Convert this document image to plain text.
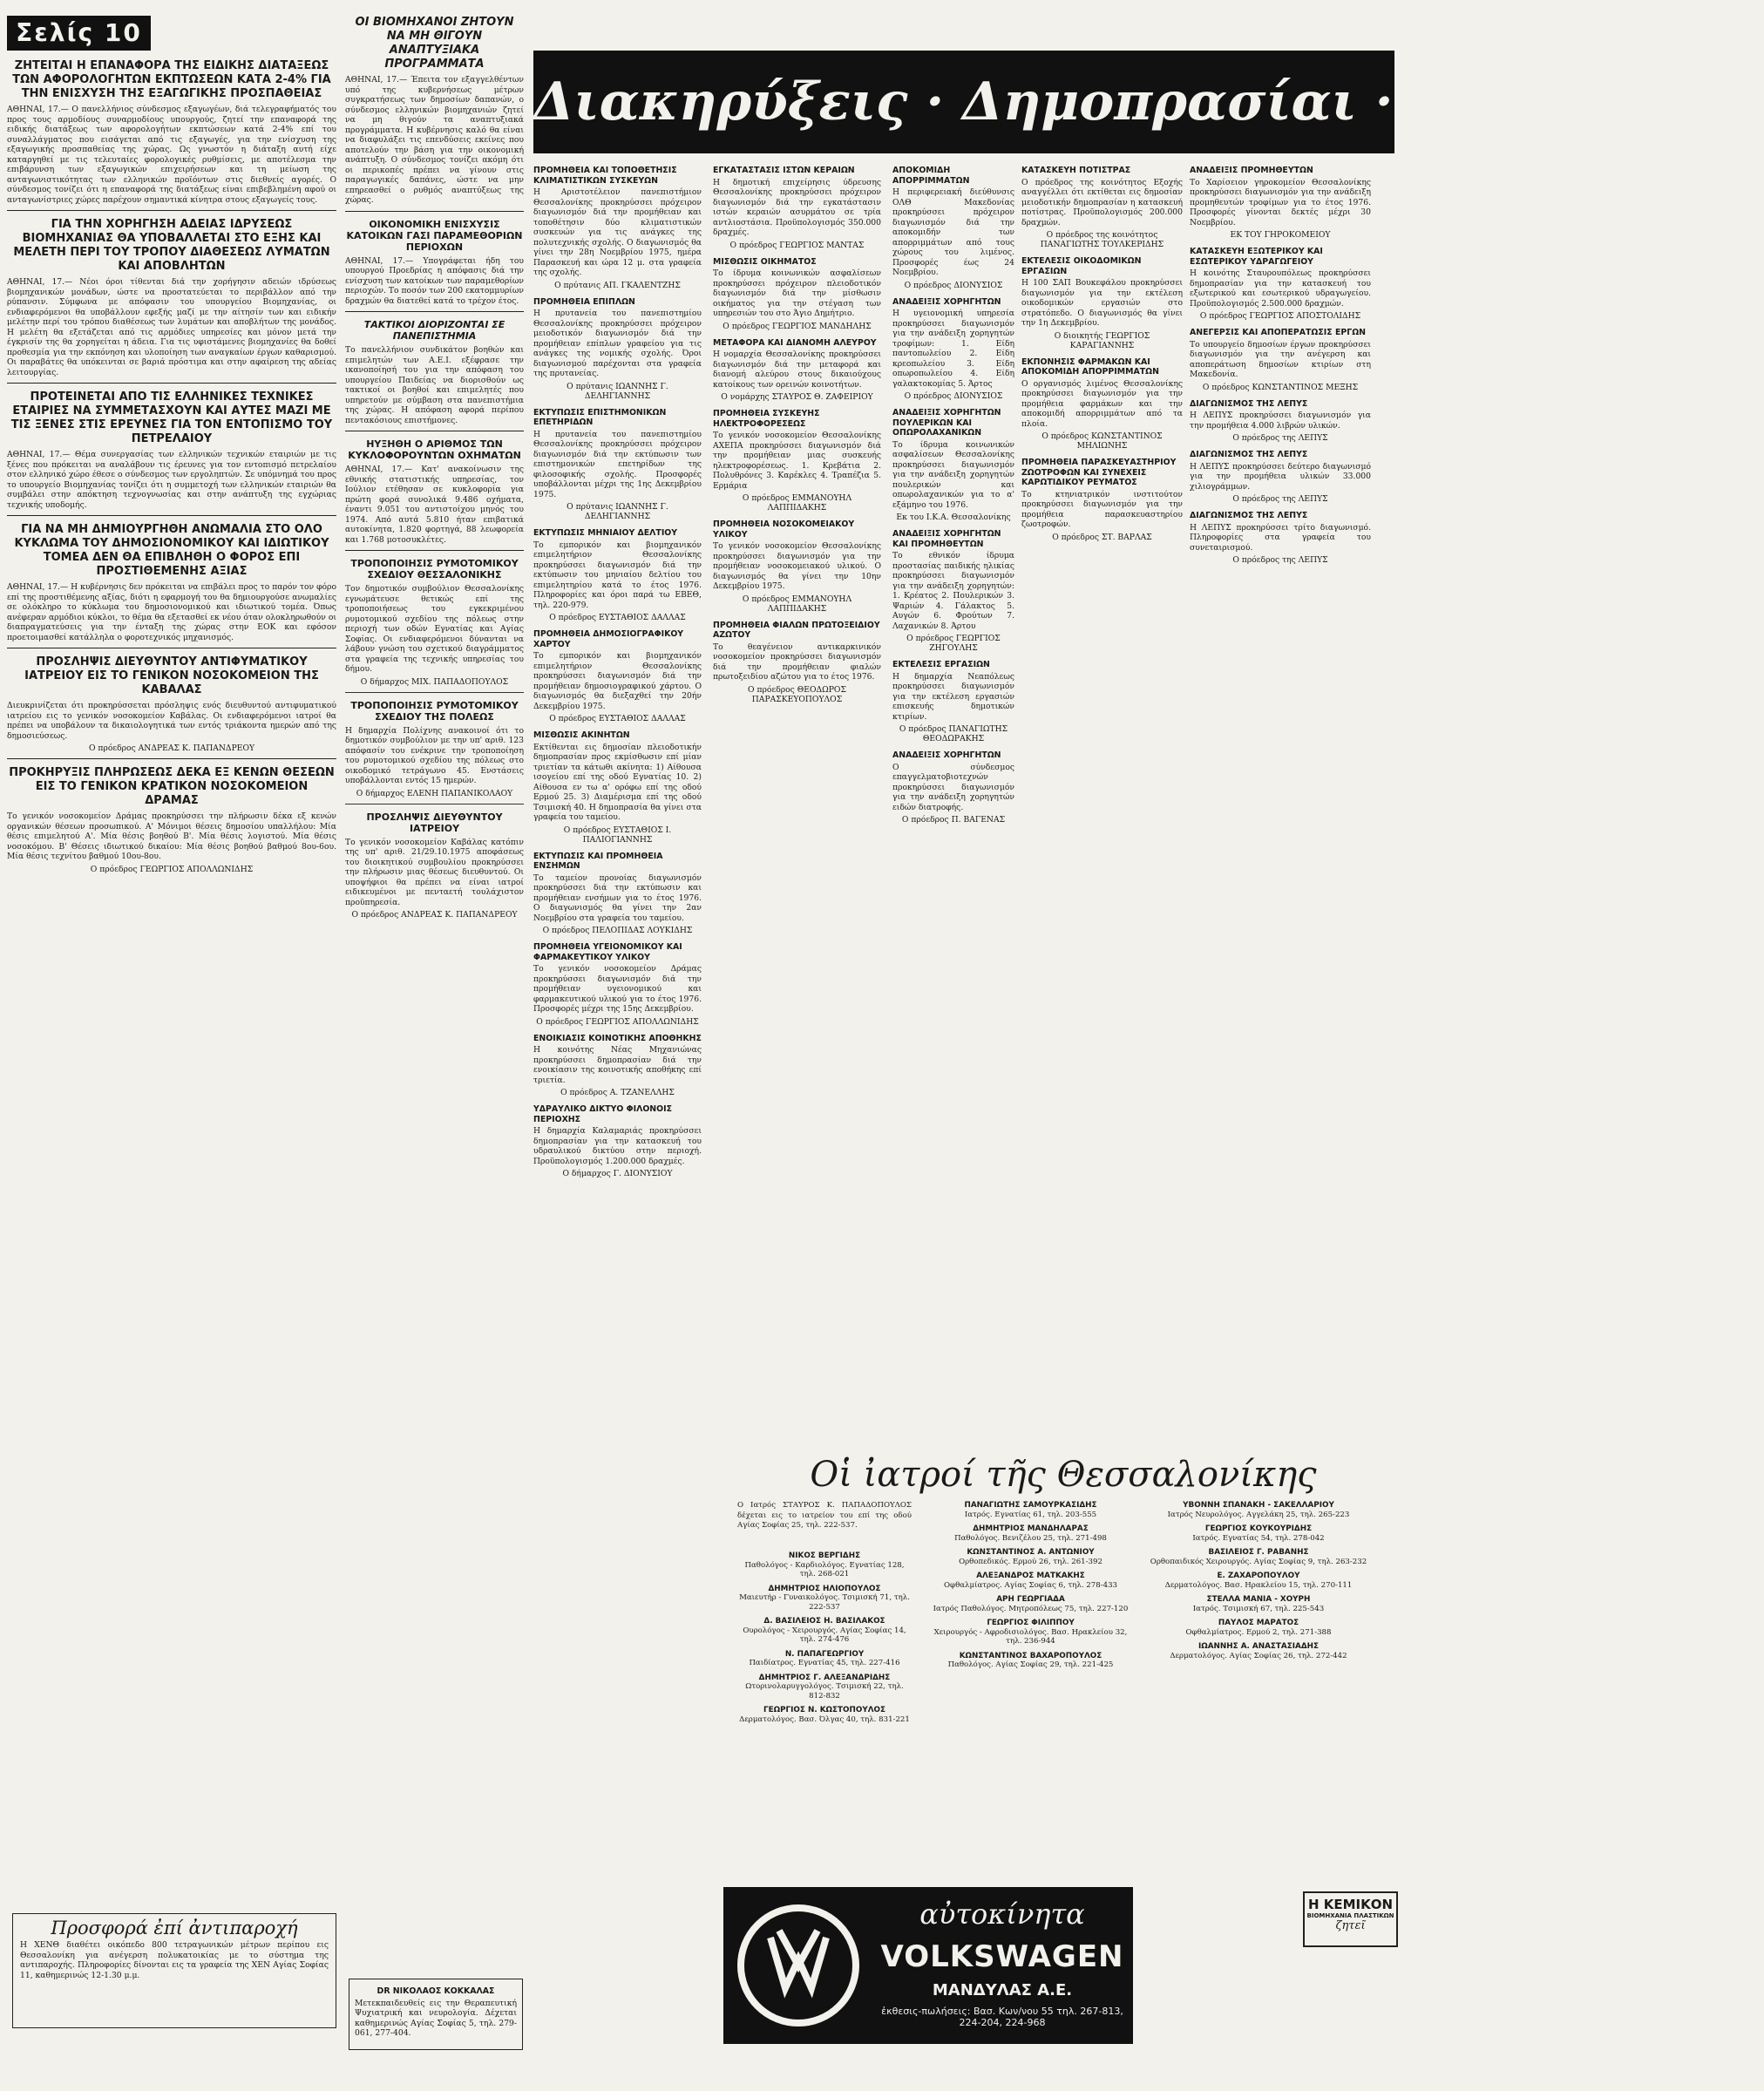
Σελίς 10
Διακηρύξεις · Δημοπρασίαι · Προμήθειαι
ΖΗΤΕΙΤΑΙ Η ΕΠΑΝΑΦΟΡΑ ΤΗΣ ΕΙΔΙΚΗΣ ΔΙΑΤΑΞΕΩΣ ΤΩΝ ΑΦΟΡΟΛΟΓΗΤΩΝ ΕΚΠΤΩΣΕΩΝ ΚΑΤΑ 2-4% ΓΙΑ ΤΗΝ ΕΝΙΣΧΥΣΗ ΤΗΣ ΕΞΑΓΩΓΙΚΗΣ ΠΡΟΣΠΑΘΕΙΑΣ

ΑΘΗΝΑΙ, 17.— Ο πανελλήνιος σύνδεσμος εξαγωγέων, διά τελεγραφήματός του προς τους αρμοδίους συναρμοδίους υπουργούς, ζητεί την επαναφορά της ειδικής διατάξεως των αφορολογήτων εκπτώσεων κατά 2-4% επί του συναλλάγματος που εισάγεται από τις εξαγωγές, για την ενίσχυση της εξαγωγικής προσπαθείας της χώρας. Ως γνωστόν η διάταξη αυτή είχε καταργηθεί με τις τελευταίες φορολογικές ρυθμίσεις, με αποτέλεσμα την επιβάρυνση των εξαγωγικών επιχειρήσεων και τη μείωση της ανταγωνιστικότητας των ελληνικών προϊόντων στις διεθνείς αγορές. Ο σύνδεσμος τονίζει ότι η επαναφορά της διατάξεως είναι επιβεβλημένη αφού οι ανταγωνίστριες χώρες παρέχουν σημαντικά κίνητρα στους εξαγωγείς τους.

ΓΙΑ ΤΗΝ ΧΟΡΗΓΗΣΗ ΑΔΕΙΑΣ ΙΔΡΥΣΕΩΣ ΒΙΟΜΗΧΑΝΙΑΣ ΘΑ ΥΠΟΒΑΛΛΕΤΑΙ ΣΤΟ ΕΞΗΣ ΚΑΙ ΜΕΛΕΤΗ ΠΕΡΙ ΤΟΥ ΤΡΟΠΟΥ ΔΙΑΘΕΣΕΩΣ ΛΥΜΑΤΩΝ ΚΑΙ ΑΠΟΒΛΗΤΩΝ

ΑΘΗΝΑΙ, 17.— Νέοι όροι τίθενται διά την χορήγησιν αδειών ιδρύσεως βιομηχανικών μονάδων, ώστε να προστατεύεται το περιβάλλον από την ρύπανσιν. Σύμφωνα με απόφασιν του υπουργείου Βιομηχανίας, οι ενδιαφερόμενοι θα υποβάλλουν εφεξής μαζί με την αίτησίν των και ειδικήν μελέτην περί του τρόπου διαθέσεως των λυμάτων και αποβλήτων της μονάδος. Η μελέτη θα εξετάζεται από τις αρμόδιες υπηρεσίες και μόνον μετά την έγκρισίν της θα χορηγείται η άδεια. Για τις υφιστάμενες βιομηχανίες θα δοθεί προθεσμία για την εκπόνηση και υλοποίηση των αναγκαίων έργων καθαρισμού. Οι παραβάτες θα υπόκεινται σε βαριά πρόστιμα και στην αφαίρεση της αδείας λειτουργίας.

ΠΡΟΤΕΙΝΕΤΑΙ ΑΠΟ ΤΙΣ ΕΛΛΗΝΙΚΕΣ ΤΕΧΝΙΚΕΣ ΕΤΑΙΡΙΕΣ ΝΑ ΣΥΜΜΕΤΑΣΧΟΥΝ ΚΑΙ ΑΥΤΕΣ ΜΑΖΙ ΜΕ ΤΙΣ ΞΕΝΕΣ ΣΤΙΣ ΕΡΕΥΝΕΣ ΓΙΑ ΤΟΝ ΕΝΤΟΠΙΣΜΟ ΤΟΥ ΠΕΤΡΕΛΑΙΟΥ

ΑΘΗΝΑΙ, 17.— Θέμα συνεργασίας των ελληνικών τεχνικών εταιριών με τις ξένες που πρόκειται να αναλάβουν τις έρευνες για τον εντοπισμό πετρελαίου στον ελληνικό χώρο έθεσε ο σύνδεσμος των εργοληπτών. Σε υπόμνημά του προς το υπουργείο Βιομηχανίας τονίζει ότι η συμμετοχή των ελληνικών εταιριών θα συμβάλει στην απόκτηση τεχνογνωσίας και στην ανάπτυξη της εγχώριας τεχνικής υποδομής.

ΓΙΑ ΝΑ ΜΗ ΔΗΜΙΟΥΡΓΗΘΗ ΑΝΩΜΑΛΙΑ ΣΤΟ ΟΛΟ ΚΥΚΛΩΜΑ ΤΟΥ ΔΗΜΟΣΙΟΝΟΜΙΚΟΥ ΚΑΙ ΙΔΙΩΤΙΚΟΥ ΤΟΜΕΑ ΔΕΝ ΘΑ ΕΠΙΒΛΗΘΗ Ο ΦΟΡΟΣ ΕΠΙ ΠΡΟΣΤΙΘΕΜΕΝΗΣ ΑΞΙΑΣ

ΑΘΗΝΑΙ, 17.— Η κυβέρνησις δεν πρόκειται να επιβάλει προς το παρόν τον φόρο επί της προστιθέμενης αξίας, διότι η εφαρμογή του θα δημιουργούσε ανωμαλίες σε ολόκληρο το κύκλωμα του δημοσιονομικού και ιδιωτικού τομέα. Όπως ανέφεραν αρμόδιοι κύκλοι, το θέμα θα εξετασθεί εκ νέου όταν ολοκληρωθούν οι διαπραγματεύσεις για την ένταξη της χώρας στην ΕΟΚ και εφόσον προετοιμασθεί κατάλληλα ο φοροτεχνικός μηχανισμός.

ΠΡΟΣΛΗΨΙΣ ΔΙΕΥΘΥΝΤΟΥ ΑΝΤΙΦΥΜΑΤΙΚΟΥ ΙΑΤΡΕΙΟΥ ΕΙΣ ΤΟ ΓΕΝΙΚΟΝ ΝΟΣΟΚΟΜΕΙΟΝ ΤΗΣ ΚΑΒΑΛΑΣ

Διευκρινίζεται ότι προκηρύσσεται πρόσληψις ενός διευθυντού αντιφυματικού ιατρείου εις το γενικόν νοσοκομείον Καβάλας. Οι ενδιαφερόμενοι ιατροί θα πρέπει να υποβάλουν τα δικαιολογητικά των εντός τριάκοντα ημερών από της δημοσιεύσεως.

Ο πρόεδρος ΑΝΔΡΕΑΣ Κ. ΠΑΠΑΝΔΡΕΟΥ
ΠΡΟΚΗΡΥΞΙΣ ΠΛΗΡΩΣΕΩΣ ΔΕΚΑ ΕΞ ΚΕΝΩΝ ΘΕΣΕΩΝ ΕΙΣ ΤΟ ΓΕΝΙΚΟΝ ΚΡΑΤΙΚΟΝ ΝΟΣΟΚΟΜΕΙΟΝ ΔΡΑΜΑΣ

Το γενικόν νοσοκομείον Δράμας προκηρύσσει την πλήρωσιν δέκα εξ κενών οργανικών θέσεων προσωπικού. Α' Μόνιμοι θέσεις δημοσίου υπαλλήλου: Μία θέσις επιμελητού Α'. Μία θέσις βοηθού Β'. Μία θέσις λογιστού. Μία θέσις νοσοκόμου. Β' Θέσεις ιδιωτικού δικαίου: Μία θέσις βοηθού βαθμού 8ου-6ου. Μία θέσις τεχνίτου βαθμού 10ου-8ου.

Ο πρόεδρος ΓΕΩΡΓΙΟΣ ΑΠΟΛΛΩΝΙΔΗΣ
Προσφορά ἐπί ἀντιπαροχή

Η ΧΕΝΘ διαθέτει οικόπεδο 800 τετραγωνικών μέτρων περίπου εις Θεσσαλονίκη για ανέγερση πολυκατοικίας με το σύστημα της αντιπαροχής. Πληροφορίες δίνονται εις τα γραφεία της ΧΕΝ Αγίας Σοφίας 11, καθημερινώς 12-1.30 μ.μ.

ΟΙ ΒΙΟΜΗΧΑΝΟΙ ΖΗΤΟΥΝ ΝΑ ΜΗ ΘΙΓΟΥΝ ΑΝΑΠΤΥΞΙΑΚΑ ΠΡΟΓΡΑΜΜΑΤΑ

ΑΘΗΝΑΙ, 17.— Έπειτα τον εξαγγελθέντων υπό της κυβερνήσεως μέτρων συγκρατήσεως των δημοσίων δαπανών, ο σύνδεσμος ελληνικών βιομηχανιών ζητεί να μη θιγούν τα αναπτυξιακά προγράμματα. Η κυβέρνησις καλό θα είναι να διαφυλάξει τις επενδύσεις εκείνες που αποτελούν την βάση για την οικονομική ανάπτυξη. Ο σύνδεσμος τονίζει ακόμη ότι οι περικοπές πρέπει να γίνουν στις παραγωγικές δαπάνες, ώστε να μην επηρεασθεί ο ρυθμός αναπτύξεως της χώρας.

ΟΙΚΟΝΟΜΙΚΗ ΕΝΙΣΧΥΣΙΣ ΚΑΤΟΙΚΩΝ ΓΑΣΙ ΠΑΡΑΜΕΘΟΡΙΩΝ ΠΕΡΙΟΧΩΝ

ΑΘΗΝΑΙ, 17.— Υπογράφεται ήδη του υπουργού Προεδρίας η απόφασις διά την ενίσχυση των κατοίκων των παραμεθορίων περιοχών. Το ποσόν των 200 εκατομμυρίων δραχμών θα διατεθεί κατά το τρέχον έτος.

ΤΑΚΤΙΚΟΙ ΔΙΟΡΙΖΟΝΤΑΙ ΣΕ ΠΑΝΕΠΙΣΤΗΜΙΑ

Το πανελλήνιον συνδικάτον βοηθών και επιμελητών των Α.Ε.Ι. εξέφρασε την ικανοποίησή του για την απόφαση του υπουργείου Παιδείας να διορισθούν ως τακτικοί οι βοηθοί και επιμελητές που υπηρετούν με σύμβαση στα πανεπιστήμια της χώρας. Η απόφαση αφορά περίπου πεντακόσιους επιστήμονες.

ΗΥΞΗΘΗ Ο ΑΡΙΘΜΟΣ ΤΩΝ ΚΥΚΛΟΦΟΡΟΥΝΤΩΝ ΟΧΗΜΑΤΩΝ

ΑΘΗΝΑΙ, 17.— Κατ' ανακοίνωσιν της εθνικής στατιστικής υπηρεσίας, τον Ιούλιον ετέθησαν σε κυκλοφορία για πρώτη φορά συνολικά 9.486 οχήματα, έναντι 9.051 του αντιστοίχου μηνός του 1974. Από αυτά 5.810 ήταν επιβατικά αυτοκίνητα, 1.820 φορτηγά, 88 λεωφορεία και 1.768 μοτοσυκλέτες.

ΤΡΟΠΟΠΟΙΗΣΙΣ ΡΥΜΟΤΟΜΙΚΟΥ ΣΧΕΔΙΟΥ ΘΕΣΣΑΛΟΝΙΚΗΣ

Τον δημοτικόν συμβούλιον Θεσσαλονίκης εγνωμάτευσε θετικώς επί της τροποποιήσεως του εγκεκριμένου ρυμοτομικού σχεδίου της πόλεως στην περιοχή των οδών Εγνατίας και Αγίας Σοφίας. Οι ενδιαφερόμενοι δύνανται να λάβουν γνώση του σχετικού διαγράμματος στα γραφεία της τεχνικής υπηρεσίας του δήμου.

Ο δήμαρχος ΜΙΧ. ΠΑΠΑΔΟΠΟΥΛΟΣ
ΤΡΟΠΟΠΟΙΗΣΙΣ ΡΥΜΟΤΟΜΙΚΟΥ ΣΧΕΔΙΟΥ ΤΗΣ ΠΟΛΕΩΣ

Η δημαρχία Πολίχνης ανακοινοί ότι το δημοτικόν συμβούλιον με την υπ' αριθ. 123 απόφασίν του ενέκρινε την τροποποίηση του ρυμοτομικού σχεδίου της πόλεως στο οικοδομικό τετράγωνο 45. Ενστάσεις υποβάλλονται εντός 15 ημερών.

Ο δήμαρχος ΕΛΕΝΗ ΠΑΠΑΝΙΚΟΛΑΟΥ
ΠΡΟΣΛΗΨΙΣ ΔΙΕΥΘΥΝΤΟΥ ΙΑΤΡΕΙΟΥ

Το γενικόν νοσοκομείον Καβάλας κατόπιν της υπ' αριθ. 21/29.10.1975 αποφάσεως του διοικητικού συμβουλίου προκηρύσσει την πλήρωσιν μιας θέσεως διευθυντού. Οι υποψήφιοι θα πρέπει να είναι ιατροί ειδικευμένοι με πενταετή τουλάχιστον προϋπηρεσία.

Ο πρόεδρος ΑΝΔΡΕΑΣ Κ. ΠΑΠΑΝΔΡΕΟΥ
DR ΝΙΚΟΛΑΟΣ ΚΟΚΚΑΛΑΣ

Μετεκπαιδευθείς εις την Θεραπευτική Ψυχιατρική και νευρολογία. Δέχεται καθημερινώς Αγίας Σοφίας 5, τηλ. 279-061, 277-404.

ΠΡΟΜΗΘΕΙΑ ΚΑΙ ΤΟΠΟΘΕΤΗΣΙΣ ΚΛΙΜΑΤΙΣΤΙΚΩΝ ΣΥΣΚΕΥΩΝ

Η Αριστοτέλειον πανεπιστήμιον Θεσσαλονίκης προκηρύσσει πρόχειρον διαγωνισμόν διά την προμήθειαν και τοποθέτησιν δύο κλιματιστικών συσκευών για τις ανάγκες της πολυτεχνικής σχολής. Ο διαγωνισμός θα γίνει την 28η Νοεμβρίου 1975, ημέρα Παρασκευή και ώρα 12 μ. στα γραφεία της σχολής.

Ο πρύτανις ΑΠ. ΓΚΑΛΕΝΤΖΗΣ
ΠΡΟΜΗΘΕΙΑ ΕΠΙΠΛΩΝ

Η πρυτανεία του πανεπιστημίου Θεσσαλονίκης προκηρύσσει πρόχειρον μειοδοτικόν διαγωνισμόν διά την προμήθειαν επίπλων γραφείου για τις ανάγκες της νομικής σχολής. Όροι διαγωνισμού παρέχονται στα γραφεία της πρυτανείας.

Ο πρύτανις ΙΩΑΝΝΗΣ Γ. ΔΕΛΗΓΙΑΝΝΗΣ
ΕΚΤΥΠΩΣΙΣ ΕΠΙΣΤΗΜΟΝΙΚΩΝ ΕΠΕΤΗΡΙΔΩΝ

Η πρυτανεία του πανεπιστημίου Θεσσαλονίκης προκηρύσσει πρόχειρον διαγωνισμόν διά την εκτύπωσιν των επιστημονικών επετηρίδων της φιλοσοφικής σχολής. Προσφορές υποβάλλονται μέχρι της 1ης Δεκεμβρίου 1975.

Ο πρύτανις ΙΩΑΝΝΗΣ Γ. ΔΕΛΗΓΙΑΝΝΗΣ
ΕΚΤΥΠΩΣΙΣ ΜΗΝΙΑΙΟΥ ΔΕΛΤΙΟΥ

Το εμπορικόν και βιομηχανικόν επιμελητήριον Θεσσαλονίκης προκηρύσσει διαγωνισμόν διά την εκτύπωσιν του μηνιαίου δελτίου του επιμελητηρίου κατά το έτος 1976. Πληροφορίες και όροι παρά τω ΕΒΕΘ, τηλ. 220-979.

Ο πρόεδρος ΕΥΣΤΑΘΙΟΣ ΔΑΛΛΑΣ
ΠΡΟΜΗΘΕΙΑ ΔΗΜΟΣΙΟΓΡΑΦΙΚΟΥ ΧΑΡΤΟΥ

Το εμπορικόν και βιομηχανικόν επιμελητήριον Θεσσαλονίκης προκηρύσσει διαγωνισμόν διά την προμήθειαν δημοσιογραφικού χάρτου. Ο διαγωνισμός θα διεξαχθεί την 20ήν Δεκεμβρίου 1975.

Ο πρόεδρος ΕΥΣΤΑΘΙΟΣ ΔΑΛΛΑΣ
ΜΙΣΘΩΣΙΣ ΑΚΙΝΗΤΩΝ

Εκτίθενται εις δημοσίαν πλειοδοτικήν δημοπρασίαν προς εκμίσθωσιν επί μίαν τριετίαν τα κάτωθι ακίνητα: 1) Αίθουσα ισογείου επί της οδού Εγνατίας 10. 2) Αίθουσα εν τω α' ορόφω επί της οδού Ερμού 25. 3) Διαμέρισμα επί της οδού Τσιμισκή 40. Η δημοπρασία θα γίνει στα γραφεία του ταμείου.

Ο πρόεδρος ΕΥΣΤΑΘΙΟΣ Ι. ΠΑΛΙΟΓΙΑΝΝΗΣ
ΕΚΤΥΠΩΣΙΣ ΚΑΙ ΠΡΟΜΗΘΕΙΑ ΕΝΣΗΜΩΝ

Το ταμείον προνοίας διαγωνισμόν προκηρύσσει διά την εκτύπωσιν και προμήθειαν ενσήμων για το έτος 1976. Ο διαγωνισμός θα γίνει την 2αν Νοεμβρίου στα γραφεία του ταμείου.

Ο πρόεδρος ΠΕΛΟΠΙΔΑΣ ΛΟΥΚΙΔΗΣ
ΠΡΟΜΗΘΕΙΑ ΥΓΕΙΟΝΟΜΙΚΟΥ ΚΑΙ ΦΑΡΜΑΚΕΥΤΙΚΟΥ ΥΛΙΚΟΥ

Το γενικόν νοσοκομείον Δράμας προκηρύσσει διαγωνισμόν διά την προμήθειαν υγειονομικού και φαρμακευτικού υλικού για το έτος 1976. Προσφορές μέχρι της 15ης Δεκεμβρίου.

Ο πρόεδρος ΓΕΩΡΓΙΟΣ ΑΠΟΛΛΩΝΙΔΗΣ
ΕΝΟΙΚΙΑΣΙΣ ΚΟΙΝΟΤΙΚΗΣ ΑΠΟΘΗΚΗΣ

Η κοινότης Νέας Μηχανιώνας προκηρύσσει δημοπρασίαν διά την ενοικίασιν της κοινοτικής αποθήκης επί τριετία.

Ο πρόεδρος Α. ΤΖΑΝΕΛΛΗΣ
ΥΔΡΑΥΛΙΚΟ ΔΙΚΤΥΟ ΦΙΛΟΝΟΙΣ ΠΕΡΙΟΧΗΣ

Η δημαρχία Καλαμαριάς προκηρύσσει δημοπρασίαν για την κατασκευή του υδραυλικού δικτύου στην περιοχή. Προϋπολογισμός 1.200.000 δραχμές.

Ο δήμαρχος Γ. ΔΙΟΝΥΣΙΟΥ
ΕΓΚΑΤΑΣΤΑΣΙΣ ΙΣΤΩΝ ΚΕΡΑΙΩΝ

Η δημοτική επιχείρησις ύδρευσης Θεσσαλονίκης προκηρύσσει πρόχειρον διαγωνισμόν διά την εγκατάστασιν ιστών κεραιών ασυρμάτου σε τρία αντλιοστάσια. Προϋπολογισμός 350.000 δραχμές.

Ο πρόεδρος ΓΕΩΡΓΙΟΣ ΜΑΝΤΑΣ
ΜΙΣΘΩΣΙΣ ΟΙΚΗΜΑΤΟΣ

Το ίδρυμα κοινωνικών ασφαλίσεων προκηρύσσει πρόχειρον πλειοδοτικόν διαγωνισμόν διά την μίσθωσιν οικήματος για την στέγαση των υπηρεσιών του στο Άγιο Δημήτριο.

Ο πρόεδρος ΓΕΩΡΓΙΟΣ ΜΑΝΔΗΛΗΣ
ΜΕΤΑΦΟΡΑ ΚΑΙ ΔΙΑΝΟΜΗ ΑΛΕΥΡΟΥ

Η νομαρχία Θεσσαλονίκης προκηρύσσει διαγωνισμόν διά την μεταφορά και διανομή αλεύρου στους δικαιούχους κατοίκους των ορεινών κοινοτήτων.

Ο νομάρχης ΣΤΑΥΡΟΣ Θ. ΖΑΦΕΙΡΙΟΥ
ΠΡΟΜΗΘΕΙΑ ΣΥΣΚΕΥΗΣ ΗΛΕΚΤΡΟΦΟΡΕΣΕΩΣ

Το γενικόν νοσοκομείον Θεσσαλονίκης ΑΧΕΠΑ προκηρύσσει διαγωνισμόν διά την προμήθειαν μιας συσκευής ηλεκτροφορέσεως. 1. Κρεβάτια 2. Πολυθρόνες 3. Καρέκλες 4. Τραπέζια 5. Ερμάρια

Ο πρόεδρος ΕΜΜΑΝΟΥΗΛ ΛΑΠΠΙΔΑΚΗΣ
ΠΡΟΜΗΘΕΙΑ ΝΟΣΟΚΟΜΕΙΑΚΟΥ ΥΛΙΚΟΥ

Το γενικόν νοσοκομείον Θεσσαλονίκης προκηρύσσει διαγωνισμόν για την προμήθειαν νοσοκομειακού υλικού. Ο διαγωνισμός θα γίνει την 10ην Δεκεμβρίου 1975.

Ο πρόεδρος ΕΜΜΑΝΟΥΗΛ ΛΑΠΠΙΔΑΚΗΣ
ΠΡΟΜΗΘΕΙΑ ΦΙΑΛΩΝ ΠΡΩΤΟΞΕΙΔΙΟΥ ΑΖΩΤΟΥ

Το θεαγένειον αντικαρκινικόν νοσοκομείον προκηρύσσει διαγωνισμόν διά την προμήθειαν φιαλών πρωτοξειδίου αζώτου για το έτος 1976.

Ο πρόεδρος ΘΕΟΔΩΡΟΣ ΠΑΡΑΣΚΕΥΟΠΟΥΛΟΣ
ΑΠΟΚΟΜΙΔΗ ΑΠΟΡΡΙΜΜΑΤΩΝ

Η περιφερειακή διεύθυνσις ΟΛΘ Μακεδονίας προκηρύσσει πρόχειρον διαγωνισμόν διά την αποκομιδήν των απορριμμάτων από τους χώρους του λιμένος. Προσφορές έως 24 Νοεμβρίου.

Ο πρόεδρος ΔΙΟΝΥΣΙΟΣ
ΑΝΑΔΕΙΞΙΣ ΧΟΡΗΓΗΤΩΝ

Η υγειονομική υπηρεσία προκηρύσσει διαγωνισμόν για την ανάδειξη χορηγητών τροφίμων: 1. Είδη παντοπωλείου 2. Είδη κρεοπωλείου 3. Είδη οπωροπωλείου 4. Είδη γαλακτοκομίας 5. Άρτος

Ο πρόεδρος ΔΙΟΝΥΣΙΟΣ
ΑΝΑΔΕΙΞΙΣ ΧΟΡΗΓΗΤΩΝ ΠΟΥΛΕΡΙΚΩΝ ΚΑΙ ΟΠΩΡΟΛΑΧΑΝΙΚΩΝ

Το ίδρυμα κοινωνικών ασφαλίσεων Θεσσαλονίκης προκηρύσσει διαγωνισμόν για την ανάδειξη χορηγητών πουλερικών και οπωρολαχανικών για το α' εξάμηνο του 1976.

Εκ του Ι.Κ.Α. Θεσσαλονίκης
ΑΝΑΔΕΙΞΙΣ ΧΟΡΗΓΗΤΩΝ ΚΑΙ ΠΡΟΜΗΘΕΥΤΩΝ

Το εθνικόν ίδρυμα προστασίας παιδικής ηλικίας προκηρύσσει διαγωνισμόν για την ανάδειξη χορηγητών: 1. Κρέατος 2. Πουλερικών 3. Ψαριών 4. Γάλακτος 5. Αυγών 6. Φρούτων 7. Λαχανικών 8. Άρτου

Ο πρόεδρος ΓΕΩΡΓΙΟΣ ΖΗΓΟΥΛΗΣ
ΕΚΤΕΛΕΣΙΣ ΕΡΓΑΣΙΩΝ

Η δημαρχία Νεαπόλεως προκηρύσσει διαγωνισμόν για την εκτέλεση εργασιών επισκευής δημοτικών κτιρίων.

Ο πρόεδρος ΠΑΝΑΓΙΩΤΗΣ ΘΕΟΔΩΡΑΚΗΣ
ΑΝΑΔΕΙΞΙΣ ΧΟΡΗΓΗΤΩΝ

Ο σύνδεσμος επαγγελματοβιοτεχνών προκηρύσσει διαγωνισμόν για την ανάδειξη χορηγητών ειδών διατροφής.

Ο πρόεδρος Π. ΒΑΓΕΝΑΣ
ΚΑΤΑΣΚΕΥΗ ΠΟΤΙΣΤΡΑΣ

Ο πρόεδρος της κοινότητος Εξοχής αναγγέλλει ότι εκτίθεται εις δημοσίαν μειοδοτικήν δημοπρασίαν η κατασκευή ποτίστρας. Προϋπολογισμός 200.000 δραχμών.

Ο πρόεδρος της κοινότητος ΠΑΝΑΓΙΩΤΗΣ ΤΟΥΛΚΕΡΙΔΗΣ
ΕΚΤΕΛΕΣΙΣ ΟΙΚΟΔΟΜΙΚΩΝ ΕΡΓΑΣΙΩΝ

Η 100 ΣΑΠ Βουκεφάλου προκηρύσσει διαγωνισμόν για την εκτέλεση οικοδομικών εργασιών στο στρατόπεδο. Ο διαγωνισμός θα γίνει την 1η Δεκεμβρίου.

Ο διοικητής ΓΕΩΡΓΙΟΣ ΚΑΡΑΓΙΑΝΝΗΣ
ΕΚΠΟΝΗΣΙΣ ΦΑΡΜΑΚΩΝ ΚΑΙ ΑΠΟΚΟΜΙΔΗ ΑΠΟΡΡΙΜΜΑΤΩΝ

Ο οργανισμός λιμένος Θεσσαλονίκης προκηρύσσει διαγωνισμόν για την προμήθεια φαρμάκων και την αποκομιδή απορριμμάτων από τα πλοία.

Ο πρόεδρος ΚΩΝΣΤΑΝΤΙΝΟΣ ΜΗΛΙΩΝΗΣ
ΠΡΟΜΗΘΕΙΑ ΠΑΡΑΣΚΕΥΑΣΤΗΡΙΟΥ ΖΩΟΤΡΟΦΩΝ ΚΑΙ ΣΥΝΕΧΕΙΣ ΚΑΡΩΤΙΔΙΚΟΥ ΡΕΥΜΑΤΟΣ

Το κτηνιατρικόν ινστιτούτον προκηρύσσει διαγωνισμόν για την προμήθεια παρασκευαστηρίου ζωοτροφών.

Ο πρόεδρος ΣΤ. ΒΑΡΛΑΣ
ΑΝΑΔΕΙΞΙΣ ΠΡΟΜΗΘΕΥΤΩΝ

Το Χαρίσειον γηροκομείον Θεσσαλονίκης προκηρύσσει διαγωνισμόν για την ανάδειξη προμηθευτών τροφίμων για το έτος 1976. Προσφορές γίνονται δεκτές μέχρι 30 Νοεμβρίου.

ΕΚ ΤΟΥ ΓΗΡΟΚΟΜΕΙΟΥ
ΚΑΤΑΣΚΕΥΗ ΕΞΩΤΕΡΙΚΟΥ ΚΑΙ ΕΣΩΤΕΡΙΚΟΥ ΥΔΡΑΓΩΓΕΙΟΥ

Η κοινότης Σταυρουπόλεως προκηρύσσει δημοπρασίαν για την κατασκευή του εξωτερικού και εσωτερικού υδραγωγείου. Προϋπολογισμός 2.500.000 δραχμών.

Ο πρόεδρος ΓΕΩΡΓΙΟΣ ΑΠΟΣΤΟΛΙΔΗΣ
ΑΝΕΓΕΡΣΙΣ ΚΑΙ ΑΠΟΠΕΡΑΤΩΣΙΣ ΕΡΓΩΝ

Το υπουργείο δημοσίων έργων προκηρύσσει διαγωνισμόν για την ανέγερση και αποπεράτωση δημοσίων κτιρίων στη Μακεδονία.

Ο πρόεδρος ΚΩΝΣΤΑΝΤΙΝΟΣ ΜΕΞΗΣ
ΔΙΑΓΩΝΙΣΜΟΣ ΤΗΣ ΛΕΠΥΣ

Η ΛΕΠΥΣ προκηρύσσει διαγωνισμόν για την προμήθεια 4.000 λιβρών υλικών.

Ο πρόεδρος της ΛΕΠΥΣ
ΔΙΑΓΩΝΙΣΜΟΣ ΤΗΣ ΛΕΠΥΣ

Η ΛΕΠΥΣ προκηρύσσει δεύτερο διαγωνισμό για την προμήθεια υλικών 33.000 χιλιογράμμων.

Ο πρόεδρος της ΛΕΠΥΣ
ΔΙΑΓΩΝΙΣΜΟΣ ΤΗΣ ΛΕΠΥΣ

Η ΛΕΠΥΣ προκηρύσσει τρίτο διαγωνισμό. Πληροφορίες στα γραφεία του συνεταιρισμού.

Ο πρόεδρος της ΛΕΠΥΣ
Οἱ ἰατροί τῆς Θεσσαλονίκης

Ο Ιατρός ΣΤΑΥΡΟΣ Κ. ΠΑΠΑΔΟΠΟΥΛΟΣ δέχεται εις το ιατρείον του επί της οδού Αγίας Σοφίας 25, τηλ. 222-537.

ΝΙΚΟΣ ΒΕΡΓΙΔΗΣ
Παθολόγος - Καρδιολόγος. Εγνατίας 128, τηλ. 268-021
ΔΗΜΗΤΡΙΟΣ ΗΛΙΟΠΟΥΛΟΣ
Μαιευτήρ - Γυναικολόγος. Τσιμισκή 71, τηλ. 222-537
Δ. ΒΑΣΙΛΕΙΟΣ Η. ΒΑΣΙΛΑΚΟΣ
Ουρολόγος - Χειρουργός. Αγίας Σοφίας 14, τηλ. 274-476
Ν. ΠΑΠΑΓΕΩΡΓΙΟΥ
Παιδίατρος. Εγνατίας 45, τηλ. 227-416
ΔΗΜΗΤΡΙΟΣ Γ. ΑΛΕΞΑΝΔΡΙΔΗΣ
Ωτορινολαρυγγολόγος. Τσιμισκή 22, τηλ. 812-832
ΓΕΩΡΓΙΟΣ Ν. ΚΩΣΤΟΠΟΥΛΟΣ
Δερματολόγος. Βασ. Όλγας 40, τηλ. 831-221
ΠΑΝΑΓΙΩΤΗΣ ΣΑΜΟΥΡΚΑΣΙΔΗΣ
Ιατρός. Εγνατίας 61, τηλ. 203-555
ΔΗΜΗΤΡΙΟΣ ΜΑΝΔΗΛΑΡΑΣ
Παθολόγος. Βενιζέλου 25, τηλ. 271-498
ΚΩΝΣΤΑΝΤΙΝΟΣ Α. ΑΝΤΩΝΙΟΥ
Ορθοπεδικός. Ερμού 26, τηλ. 261-392
ΑΛΕΞΑΝΔΡΟΣ ΜΑΤΚΑΚΗΣ
Οφθαλμίατρος. Αγίας Σοφίας 6, τηλ. 278-433
ΑΡΗ ΓΕΩΡΓΙΑΔΑ
Ιατρός Παθολόγος. Μητροπόλεως 75, τηλ. 227-120
ΓΕΩΡΓΙΟΣ ΦΙΛΙΠΠΟΥ
Χειρουργός - Αφροδισιολόγος. Βασ. Ηρακλείου 32, τηλ. 236-944
ΚΩΝΣΤΑΝΤΙΝΟΣ ΒΑΧΑΡΟΠΟΥΛΟΣ
Παθολόγος. Αγίας Σοφίας 29, τηλ. 221-425
ΥΒΟΝΝΗ ΣΠΑΝΑΚΗ - ΣΑΚΕΛΛΑΡΙΟΥ
Ιατρός Νευρολόγος. Αγγελάκη 25, τηλ. 265-223
ΓΕΩΡΓΙΟΣ ΚΟΥΚΟΥΡΙΔΗΣ
Ιατρός. Εγνατίας 54, τηλ. 278-042
ΒΑΣΙΛΕΙΟΣ Γ. ΡΑΒΑΝΗΣ
Ορθοπαιδικός Χειρουργός. Αγίας Σοφίας 9, τηλ. 263-232
Ε. ΖΑΧΑΡΟΠΟΥΛΟΥ
Δερματολόγος. Βασ. Ηρακλείου 15, τηλ. 270-111
ΣΤΕΛΛΑ ΜΑΝΙΑ - ΧΟΥΡΗ
Ιατρός. Τσιμισκή 67, τηλ. 225-543
ΠΑΥΛΟΣ ΜΑΡΑΤΟΣ
Οφθαλμίατρος. Ερμού 2, τηλ. 271-388
ΙΩΑΝΝΗΣ Α. ΑΝΑΣΤΑΣΙΑΔΗΣ
Δερματολόγος. Αγίας Σοφίας 26, τηλ. 272-442
αὐτοκίνητα
VOLKSWAGEN
ΜΑΝΔΥΛΑΣ Α.Ε.
ἐκθεσις-πωλήσεις: Βασ. Κων/νου 55 τηλ. 267-813, 224-204, 224-968
Η ΚΕΜΙΚΟΝ
ΒΙΟΜΗΧΑΝΙΑ ΠΛΑΣΤΙΚΩΝ
ζητεῖ
